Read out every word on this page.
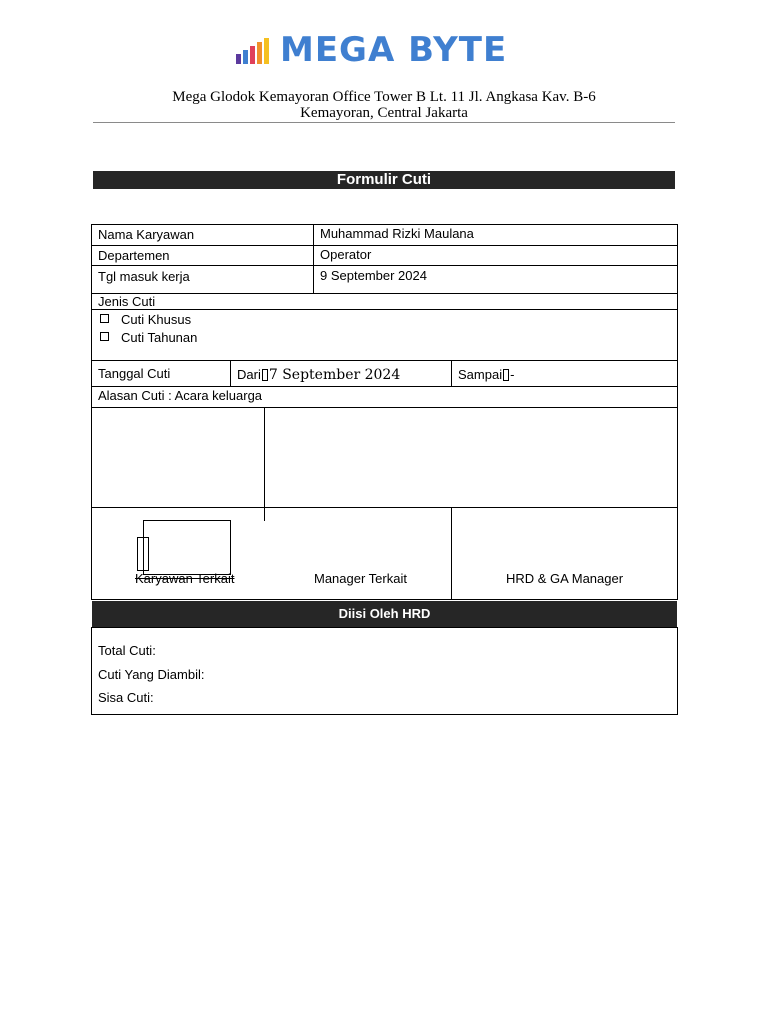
MEGA BYTE
Mega Glodok Kemayoran Office Tower B Lt. 11 Jl. Angkasa Kav. B-6
Kemayoran, Central Jakarta
Formulir Cuti
Nama Karyawan	Muhammad Rizki Maulana
Departemen	Operator
Tgl masuk kerja	9 September 2024
Jenis Cuti
Cuti Khusus
Cuti Tahunan
Tanggal Cuti	Dari 7 September 2024	Sampai -
Alasan Cuti : Acara keluarga
Karyawan Terkait	Manager Terkait	HRD & GA Manager
Diisi Oleh HRD
Total Cuti:
Cuti Yang Diambil:
Sisa Cuti:
